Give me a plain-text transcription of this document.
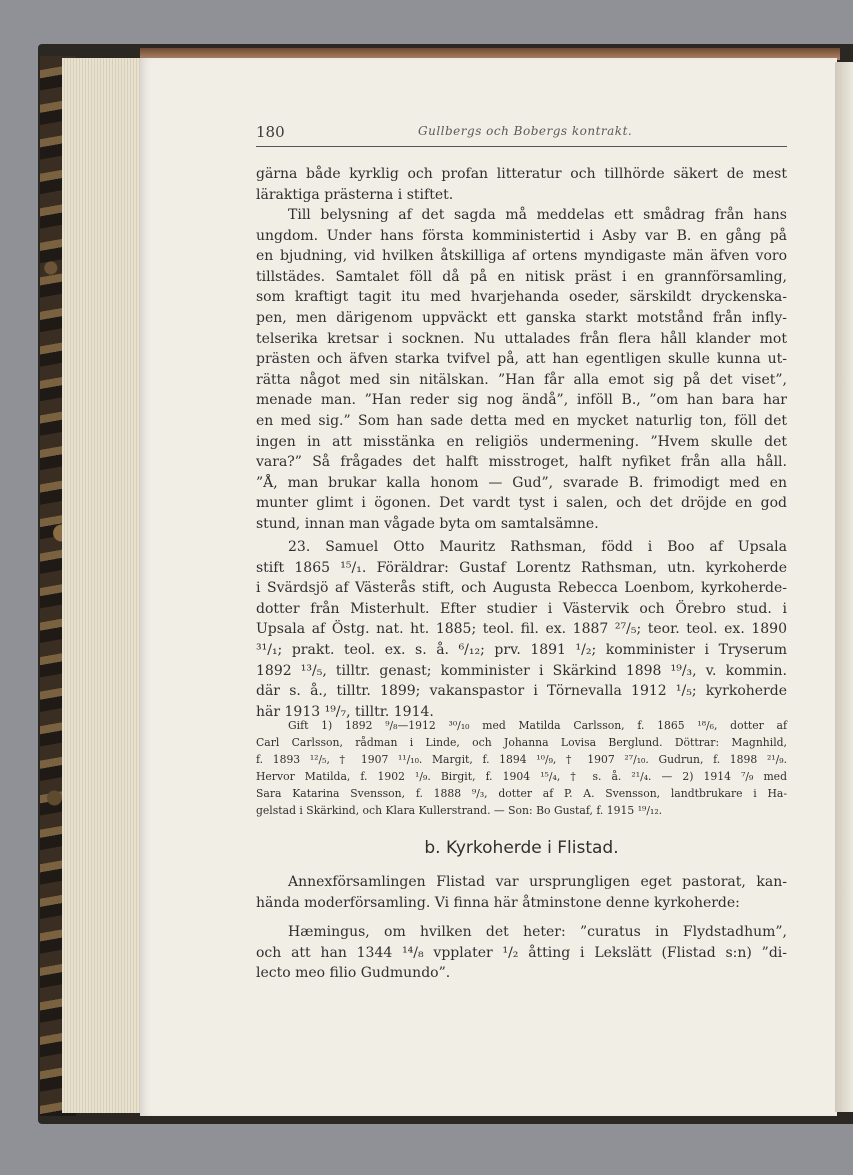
180	Gullbergs och Bobergs kontrakt.
gärna både kyrklig och profan litteratur och tillhörde säkert de mest
läraktiga prästerna i stiftet.
Till belysning af det sagda må meddelas ett smådrag från hans
ungdom. Under hans första komministertid i Asby var B. en gång på
en bjudning, vid hvilken åtskilliga af ortens myndigaste män äfven voro
tillstädes. Samtalet föll då på en nitisk präst i en grannförsamling,
som kraftigt tagit itu med hvarjehanda oseder, särskildt dryckenska-
pen, men därigenom uppväckt ett ganska starkt motstånd från infly-
telserika kretsar i socknen. Nu uttalades från flera håll klander mot
prästen och äfven starka tvifvel på, att han egentligen skulle kunna ut-
rätta något med sin nitälskan. ”Han får alla emot sig på det viset”,
menade man. ”Han reder sig nog ändå”, inföll B., ”om han bara har
en med sig.” Som han sade detta med en mycket naturlig ton, föll det
ingen in att misstänka en religiös undermening. ”Hvem skulle det
vara?” Så frågades det halft misstroget, halft nyfiket från alla håll.
”Å, man brukar kalla honom — Gud”, svarade B. frimodigt med en
munter glimt i ögonen. Det vardt tyst i salen, och det dröjde en god
stund, innan man vågade byta om samtalsämne.
23. Samuel Otto Mauritz Rathsman, född i Boo af Upsala
stift 1865 ¹⁵/₁. Föräldrar: Gustaf Lorentz Rathsman, utn. kyrkoherde
i Svärdsjö af Västerås stift, och Augusta Rebecca Loenbom, kyrkoherde-
dotter från Misterhult. Efter studier i Västervik och Örebro stud. i
Upsala af Östg. nat. ht. 1885; teol. fil. ex. 1887 ²⁷/₅; teor. teol. ex. 1890
³¹/₁; prakt. teol. ex. s. å. ⁶/₁₂; prv. 1891 ¹/₂; komminister i Tryserum
1892 ¹³/₅, tilltr. genast; komminister i Skärkind 1898 ¹⁹/₃, v. kommin.
där s. å., tilltr. 1899; vakanspastor i Törnevalla 1912 ¹/₅; kyrkoherde
här 1913 ¹⁹/₇, tilltr. 1914.
Gift 1) 1892 ⁹/₈—1912 ³⁰/₁₀ med Matilda Carlsson, f. 1865 ¹⁸/₆, dotter af
Carl Carlsson, rådman i Linde, och Johanna Lovisa Berglund. Döttrar: Magnhild,
f. 1893 ¹²/₅, † 1907 ¹¹/₁₀. Margit, f. 1894 ¹⁰/₉, † 1907 ²⁷/₁₀. Gudrun, f. 1898 ²¹/₉.
Hervor Matilda, f. 1902 ¹/₉. Birgit, f. 1904 ¹⁵/₄, † s. å. ²¹/₄. — 2) 1914 ⁷/₉ med
Sara Katarina Svensson, f. 1888 ⁹/₃, dotter af P. A. Svensson, landtbrukare i Ha-
gelstad i Skärkind, och Klara Kullerstrand. — Son: Bo Gustaf, f. 1915 ¹⁹/₁₂.
b. Kyrkoherde i Flistad.
Annexförsamlingen Flistad var ursprungligen eget pastorat, kan-
hända moderförsamling. Vi finna här åtminstone denne kyrkoherde:
Hæmingus, om hvilken det heter: ”curatus in Flydstadhum”,
och att han 1344 ¹⁴/₈ vpplater ¹/₂ åtting i Lekslätt (Flistad s:n) ”di-
lecto meo filio Gudmundo”.
